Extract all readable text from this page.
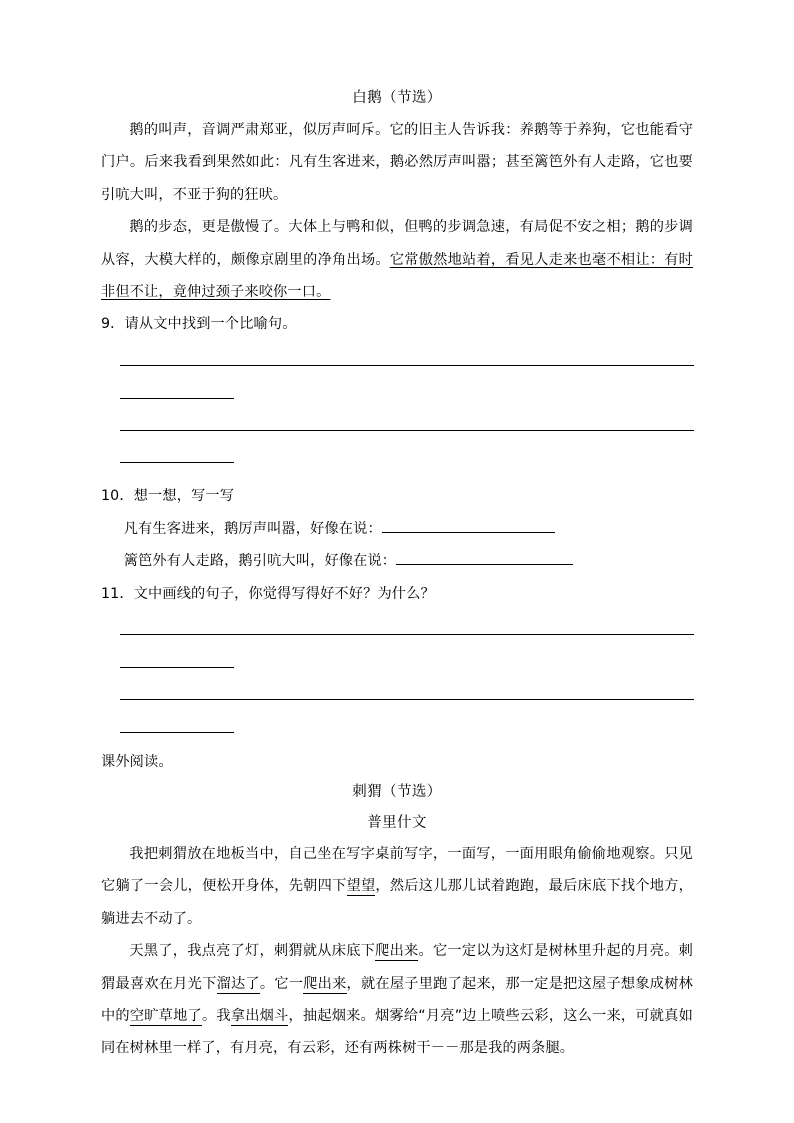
白鹅（节选）

鹅的叫声，音调严肃郑亚，似厉声呵斥。它的旧主人告诉我：养鹅等于养狗，它也能看守门户。后来我看到果然如此：凡有生客进来，鹅必然厉声叫嚣；甚至篱笆外有人走路，它也要引吭大叫，不亚于狗的狂吠。

鹅的步态，更是傲慢了。大体上与鸭和似，但鸭的步调急速，有局促不安之相；鹅的步调从容，大模大样的，颇像京剧里的净角出场。它常傲然地站着，看见人走来也毫不相让：有时非但不让，竟伸过颈子来咬你一口。

9．请从文中找到一个比喻句。

10．想一想，写一写

凡有生客进来，鹅厉声叫嚣，好像在说：

篱笆外有人走路，鹅引吭大叫，好像在说：

11．文中画线的句子，你觉得写得好不好？为什么？

课外阅读。

刺猬（节选）
普里什文

我把刺猬放在地板当中，自己坐在写字桌前写字，一面写，一面用眼角偷偷地观察。只见它躺了一会儿，便松开身体，先朝四下望望，然后这儿那儿试着跑跑，最后床底下找个地方，躺进去不动了。

天黑了，我点亮了灯，刺猬就从床底下爬出来。它一定以为这灯是树林里升起的月亮。刺猬最喜欢在月光下溜达了。它一爬出来，就在屋子里跑了起来，那一定是把这屋子想象成树林中的空旷草地了。我拿出烟斗，抽起烟来。烟雾给“月亮”边上喷些云彩，这么一来，可就真如同在树林里一样了，有月亮，有云彩，还有两株树干－－那是我的两条腿。
